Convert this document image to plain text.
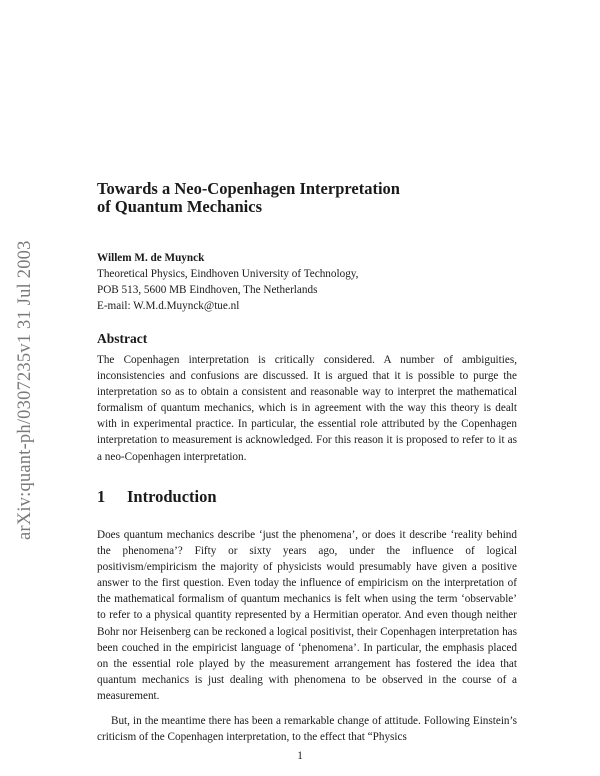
arXiv:quant-ph/0307235v1 31 Jul 2003
Towards a Neo-Copenhagen Interpretation
of Quantum Mechanics
Willem M. de Muynck
Theoretical Physics, Eindhoven University of Technology,
POB 513, 5600 MB Eindhoven, The Netherlands
E-mail: W.M.d.Muynck@tue.nl
Abstract
The Copenhagen interpretation is critically considered. A number of ambiguities, inconsistencies and confusions are discussed. It is argued that it is possible to purge the interpretation so as to obtain a consistent and reasonable way to interpret the mathematical formalism of quantum mechanics, which is in agreement with the way this theory is dealt with in experimental practice. In particular, the essential role attributed by the Copenhagen interpretation to measurement is acknowledged. For this reason it is proposed to refer to it as a neo-Copenhagen interpretation.
1 Introduction

Does quantum mechanics describe ‘just the phenomena’, or does it describe ‘reality behind the phenomena’? Fifty or sixty years ago, under the influence of logical positivism/empiricism the majority of physicists would presumably have given a positive answer to the first question. Even today the influence of empiricism on the interpretation of the mathematical formalism of quantum mechanics is felt when using the term ‘observable’ to refer to a physical quantity represented by a Hermitian operator. And even though neither Bohr nor Heisenberg can be reckoned a logical positivist, their Copenhagen interpretation has been couched in the empiricist language of ‘phenomena’. In particular, the emphasis placed on the essential role played by the measurement arrangement has fostered the idea that quantum mechanics is just dealing with phenomena to be observed in the course of a measurement.

But, in the meantime there has been a remarkable change of attitude. Following Einstein’s criticism of the Copenhagen interpretation, to the effect that “Physics

1
